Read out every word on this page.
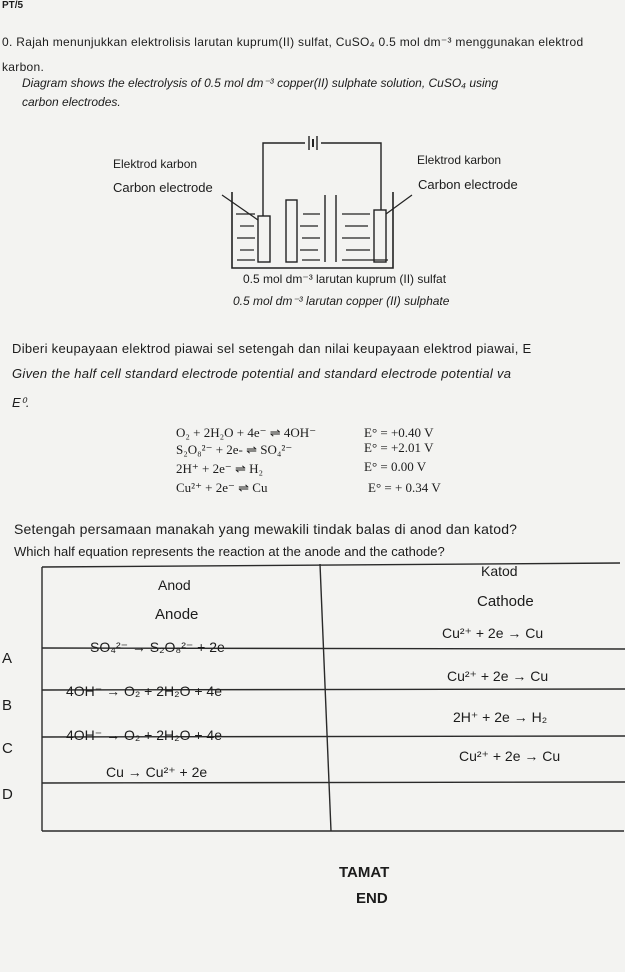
PT/5
0. Rajah menunjukkan elektrolisis larutan kuprum(II) sulfat, CuSO₄ 0.5 mol dm⁻³ menggunakan elektrod karbon.
Diagram shows the electrolysis of 0.5 mol dm⁻³ copper(II) sulphate solution, CuSO₄ using
carbon electrodes.
Elektrod karbon
Carbon electrode
Elektrod karbon
Carbon electrode
0.5 mol dm⁻³ larutan kuprum (II) sulfat
0.5 mol dm⁻³ larutan copper (II) sulphate
Diberi keupayaan elektrod piawai sel setengah dan nilai keupayaan elektrod piawai, E
Given the half cell standard electrode potential and standard electrode potential va
E⁰.
O₂ + 2H₂O + 4e⁻ ⇌ 4OH⁻	E° = +0.40 V
S₂O₈²⁻ + 2e- ⇌ SO₄²⁻	E° = +2.01 V
2H⁺ + 2e⁻ ⇌ H₂	E° = 0.00 V
Cu²⁺ + 2e⁻ ⇌ Cu	E° = + 0.34 V
Setengah persamaan manakah yang mewakili tindak balas di anod dan katod?
Which half equation represents the reaction at the anode and the cathode?
Anod
Anode
Katod
Cathode
A
SO₄²⁻ → S₂O₈²⁻ + 2e
Cu²⁺ + 2e → Cu
B
4OH⁻ → O₂ + 2H₂O + 4e
Cu²⁺ + 2e → Cu
C
4OH⁻ → O₂ + 2H₂O + 4e
2H⁺ + 2e → H₂
D
Cu → Cu²⁺ + 2e
Cu²⁺ + 2e → Cu
TAMAT
END
